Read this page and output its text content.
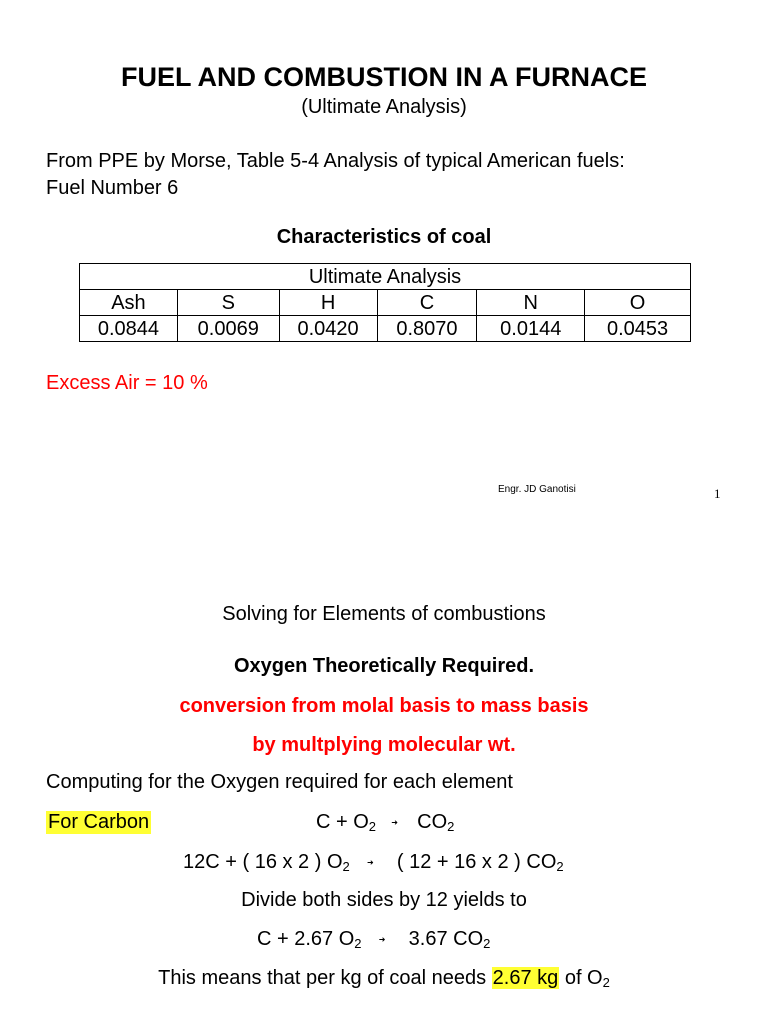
FUEL AND COMBUSTION IN A FURNACE
(Ultimate Analysis)
From PPE by Morse, Table 5-4 Analysis of typical American fuels:
Fuel Number 6
Characteristics of coal
Ultimate Analysis					
Ash	S	H	C	N	O
0.0844	0.0069	0.0420	0.8070	0.0144	0.0453
Excess Air = 10 %
Engr. JD Ganotisi	1
Solving for Elements of combustions
Oxygen Theoretically Required.
conversion from molal basis to mass basis
by multplying molecular wt.
Computing for the Oxygen required for each element
For Carbon	$C + O_2$ ➜ $CO_2$
12C + ( 16 x 2 ) $O_2$ ➜ ( 12 + 16 x 2 ) $CO_2$
Divide both sides by 12 yields to
C + 2.67 $O_2$ ➜ 3.67 $CO_2$
This means that per kg of coal needs 2.67 kg of $O_2$
